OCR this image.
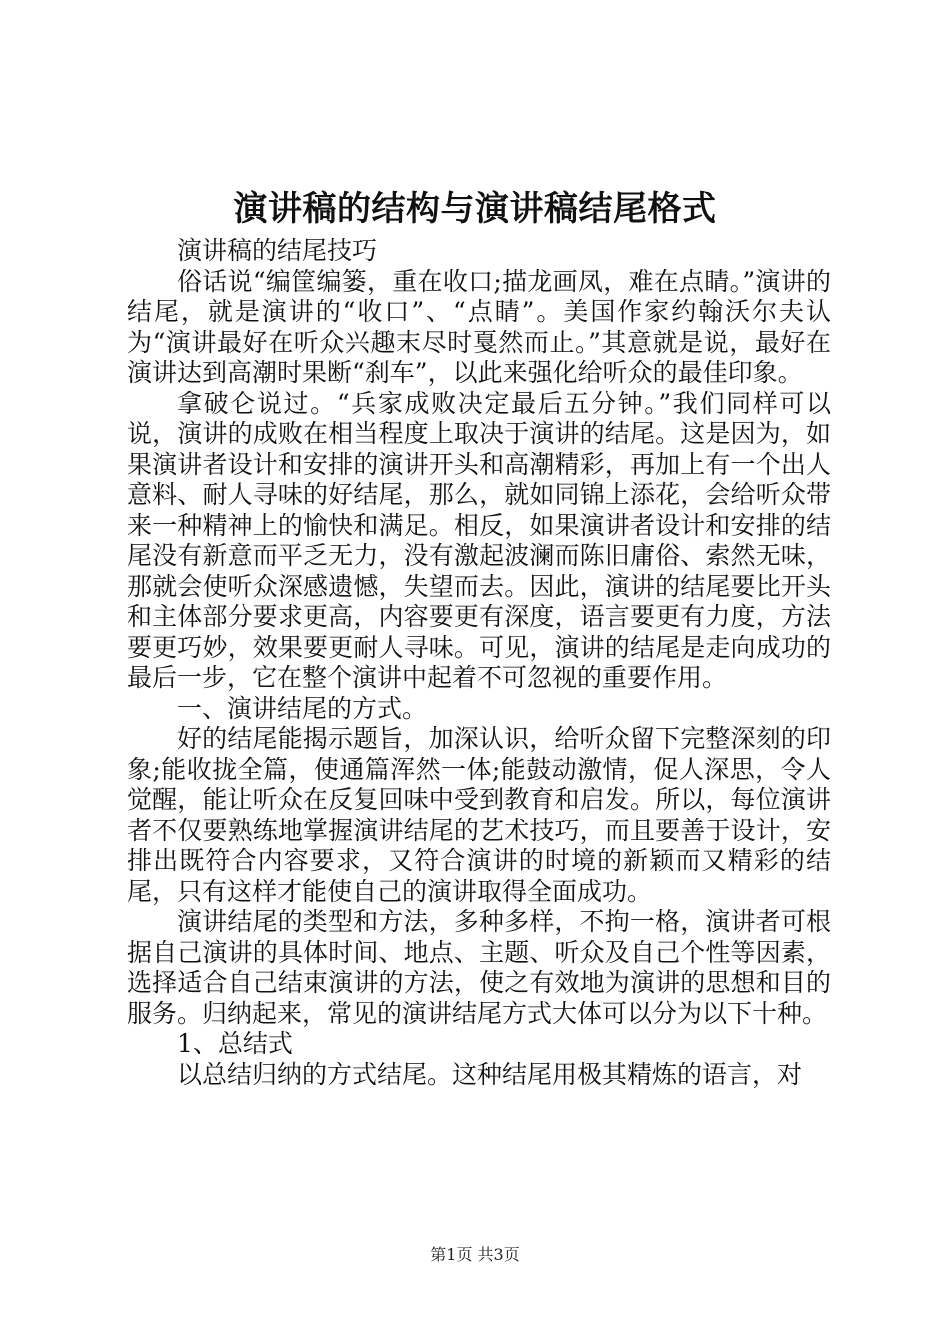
演讲稿的结构与演讲稿结尾格式

演讲稿的结尾技巧

俗话说“编筐编篓，重在收口;描龙画凤，难在点睛。”演讲的结尾，就是演讲的“收口”、“点睛”。美国作家约翰沃尔夫认为“演讲最好在听众兴趣末尽时戛然而止。”其意就是说，最好在演讲达到高潮时果断“刹车”，以此来强化给听众的最佳印象。

拿破仑说过。“兵家成败决定最后五分钟。”我们同样可以说，演讲的成败在相当程度上取决于演讲的结尾。这是因为，如果演讲者设计和安排的演讲开头和高潮精彩，再加上有一个出人意料、耐人寻味的好结尾，那么，就如同锦上添花，会给听众带来一种精神上的愉快和满足。相反，如果演讲者设计和安排的结尾没有新意而平乏无力，没有激起波澜而陈旧庸俗、索然无味，那就会使听众深感遗憾，失望而去。因此，演讲的结尾要比开头和主体部分要求更高，内容要更有深度，语言要更有力度，方法要更巧妙，效果要更耐人寻味。可见，演讲的结尾是走向成功的最后一步，它在整个演讲中起着不可忽视的重要作用。

一、演讲结尾的方式。

好的结尾能揭示题旨，加深认识，给听众留下完整深刻的印象;能收拢全篇，使通篇浑然一体;能鼓动激情，促人深思，令人觉醒，能让听众在反复回味中受到教育和启发。所以，每位演讲者不仅要熟练地掌握演讲结尾的艺术技巧，而且要善于设计，安排出既符合内容要求，又符合演讲的时境的新颖而又精彩的结尾，只有这样才能使自己的演讲取得全面成功。

演讲结尾的类型和方法，多种多样，不拘一格，演讲者可根据自己演讲的具体时间、地点、主题、听众及自己个性等因素，选择适合自己结束演讲的方法，使之有效地为演讲的思想和目的服务。归纳起来，常见的演讲结尾方式大体可以分为以下十种。

1、总结式

以总结归纳的方式结尾。这种结尾用极其精炼的语言，对

第1页 共3页
